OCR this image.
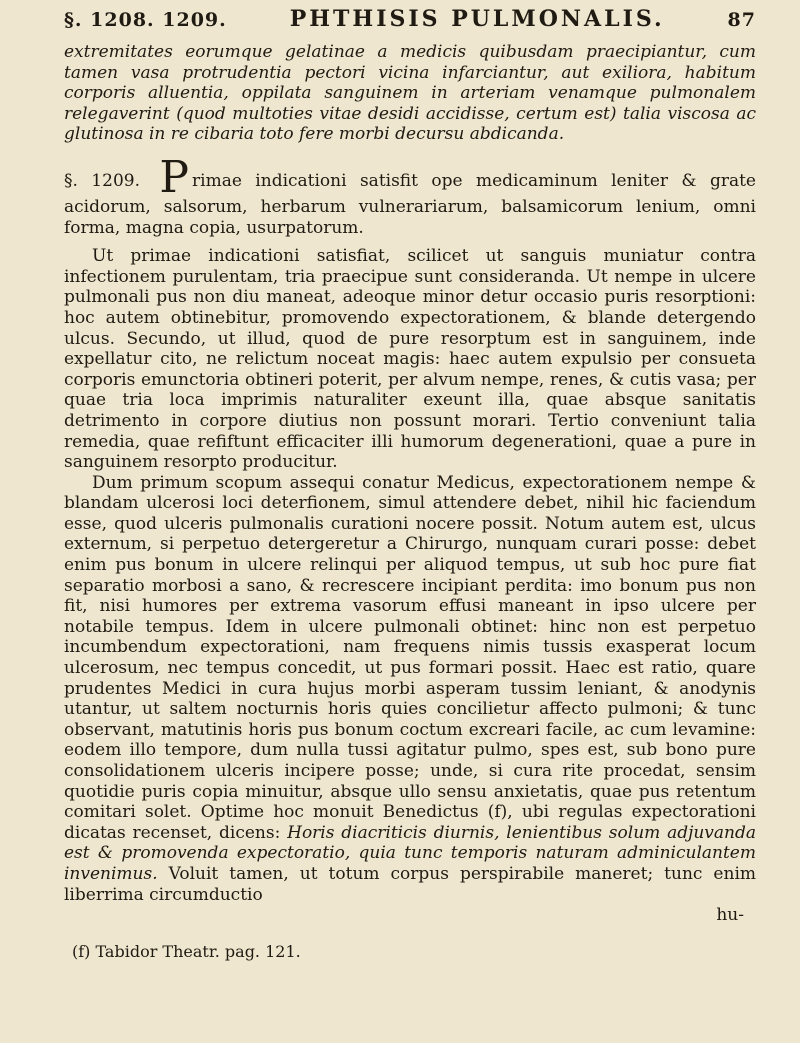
§. 1208. 1209.	PHTHISIS PULMONALIS.	87

extremitates eorumque gelatinae a medicis quibusdam praecipiantur, cum tamen vasa protrudentia pectori vicina infarciantur, aut exiliora, habitum corporis alluentia, oppilata sanguinem in arteriam venamque pulmonalem relegaverint (quod multoties vitae desidi accidisse, certum est) talia viscosa ac glutinosa in re cibaria toto fere morbi decursu abdicanda.

§. 1209. P rimae indicationi satisfit ope medicaminum leniter & grate acidorum, salsorum, herbarum vulnerariarum, balsamicorum lenium, omni forma, magna copia, usurpatorum.

Ut primae indicationi satisfiat, scilicet ut sanguis muniatur contra infectionem purulentam, tria praecipue sunt consideranda. Ut nempe in ulcere pulmonali pus non diu maneat, adeoque minor detur occasio puris resorptioni: hoc autem obtinebitur, promovendo expectorationem, & blande detergendo ulcus. Secundo, ut illud, quod de pure resorptum est in sanguinem, inde expellatur cito, ne relictum noceat magis: haec autem expulsio per consueta corporis emunctoria obtineri poterit, per alvum nempe, renes, & cutis vasa; per quae tria loca imprimis naturaliter exeunt illa, quae absque sanitatis detrimento in corpore diutius non possunt morari. Tertio conveniunt talia remedia, quae refiftunt efficaciter illi humorum degenerationi, quae a pure in sanguinem resorpto producitur.

Dum primum scopum assequi conatur Medicus, expectorationem nempe & blandam ulcerosi loci deterfionem, simul attendere debet, nihil hic faciendum esse, quod ulceris pulmonalis curationi nocere possit. Notum autem est, ulcus externum, si perpetuo detergeretur a Chirurgo, nunquam curari posse: debet enim pus bonum in ulcere relinqui per aliquod tempus, ut sub hoc pure fiat separatio morbosi a sano, & recrescere incipiant perdita: imo bonum pus non fit, nisi humores per extrema vasorum effusi maneant in ipso ulcere per notabile tempus. Idem in ulcere pulmonali obtinet: hinc non est perpetuo incumbendum expectorationi, nam frequens nimis tussis exasperat locum ulcerosum, nec tempus concedit, ut pus formari possit. Haec est ratio, quare prudentes Medici in cura hujus morbi asperam tussim leniant, & anodynis utantur, ut saltem nocturnis horis quies concilietur affecto pulmoni; & tunc observant, matutinis horis pus bonum coctum excreari facile, ac cum levamine: eodem illo tempore, dum nulla tussi agitatur pulmo, spes est, sub bono pure consolidationem ulceris incipere posse; unde, si cura rite procedat, sensim quotidie puris copia minuitur, absque ullo sensu anxietatis, quae pus retentum comitari solet. Optime hoc monuit Benedictus (f), ubi regulas expectorationi dicatas recenset, dicens: Horis diacriticis diurnis, lenientibus solum adjuvanda est & promovenda expectoratio, quia tunc temporis naturam adminiculantem invenimus. Voluit tamen, ut totum corpus perspirabile maneret; tunc enim liberrima circumductio

hu-

(f) Tabidor Theatr. pag. 121.
